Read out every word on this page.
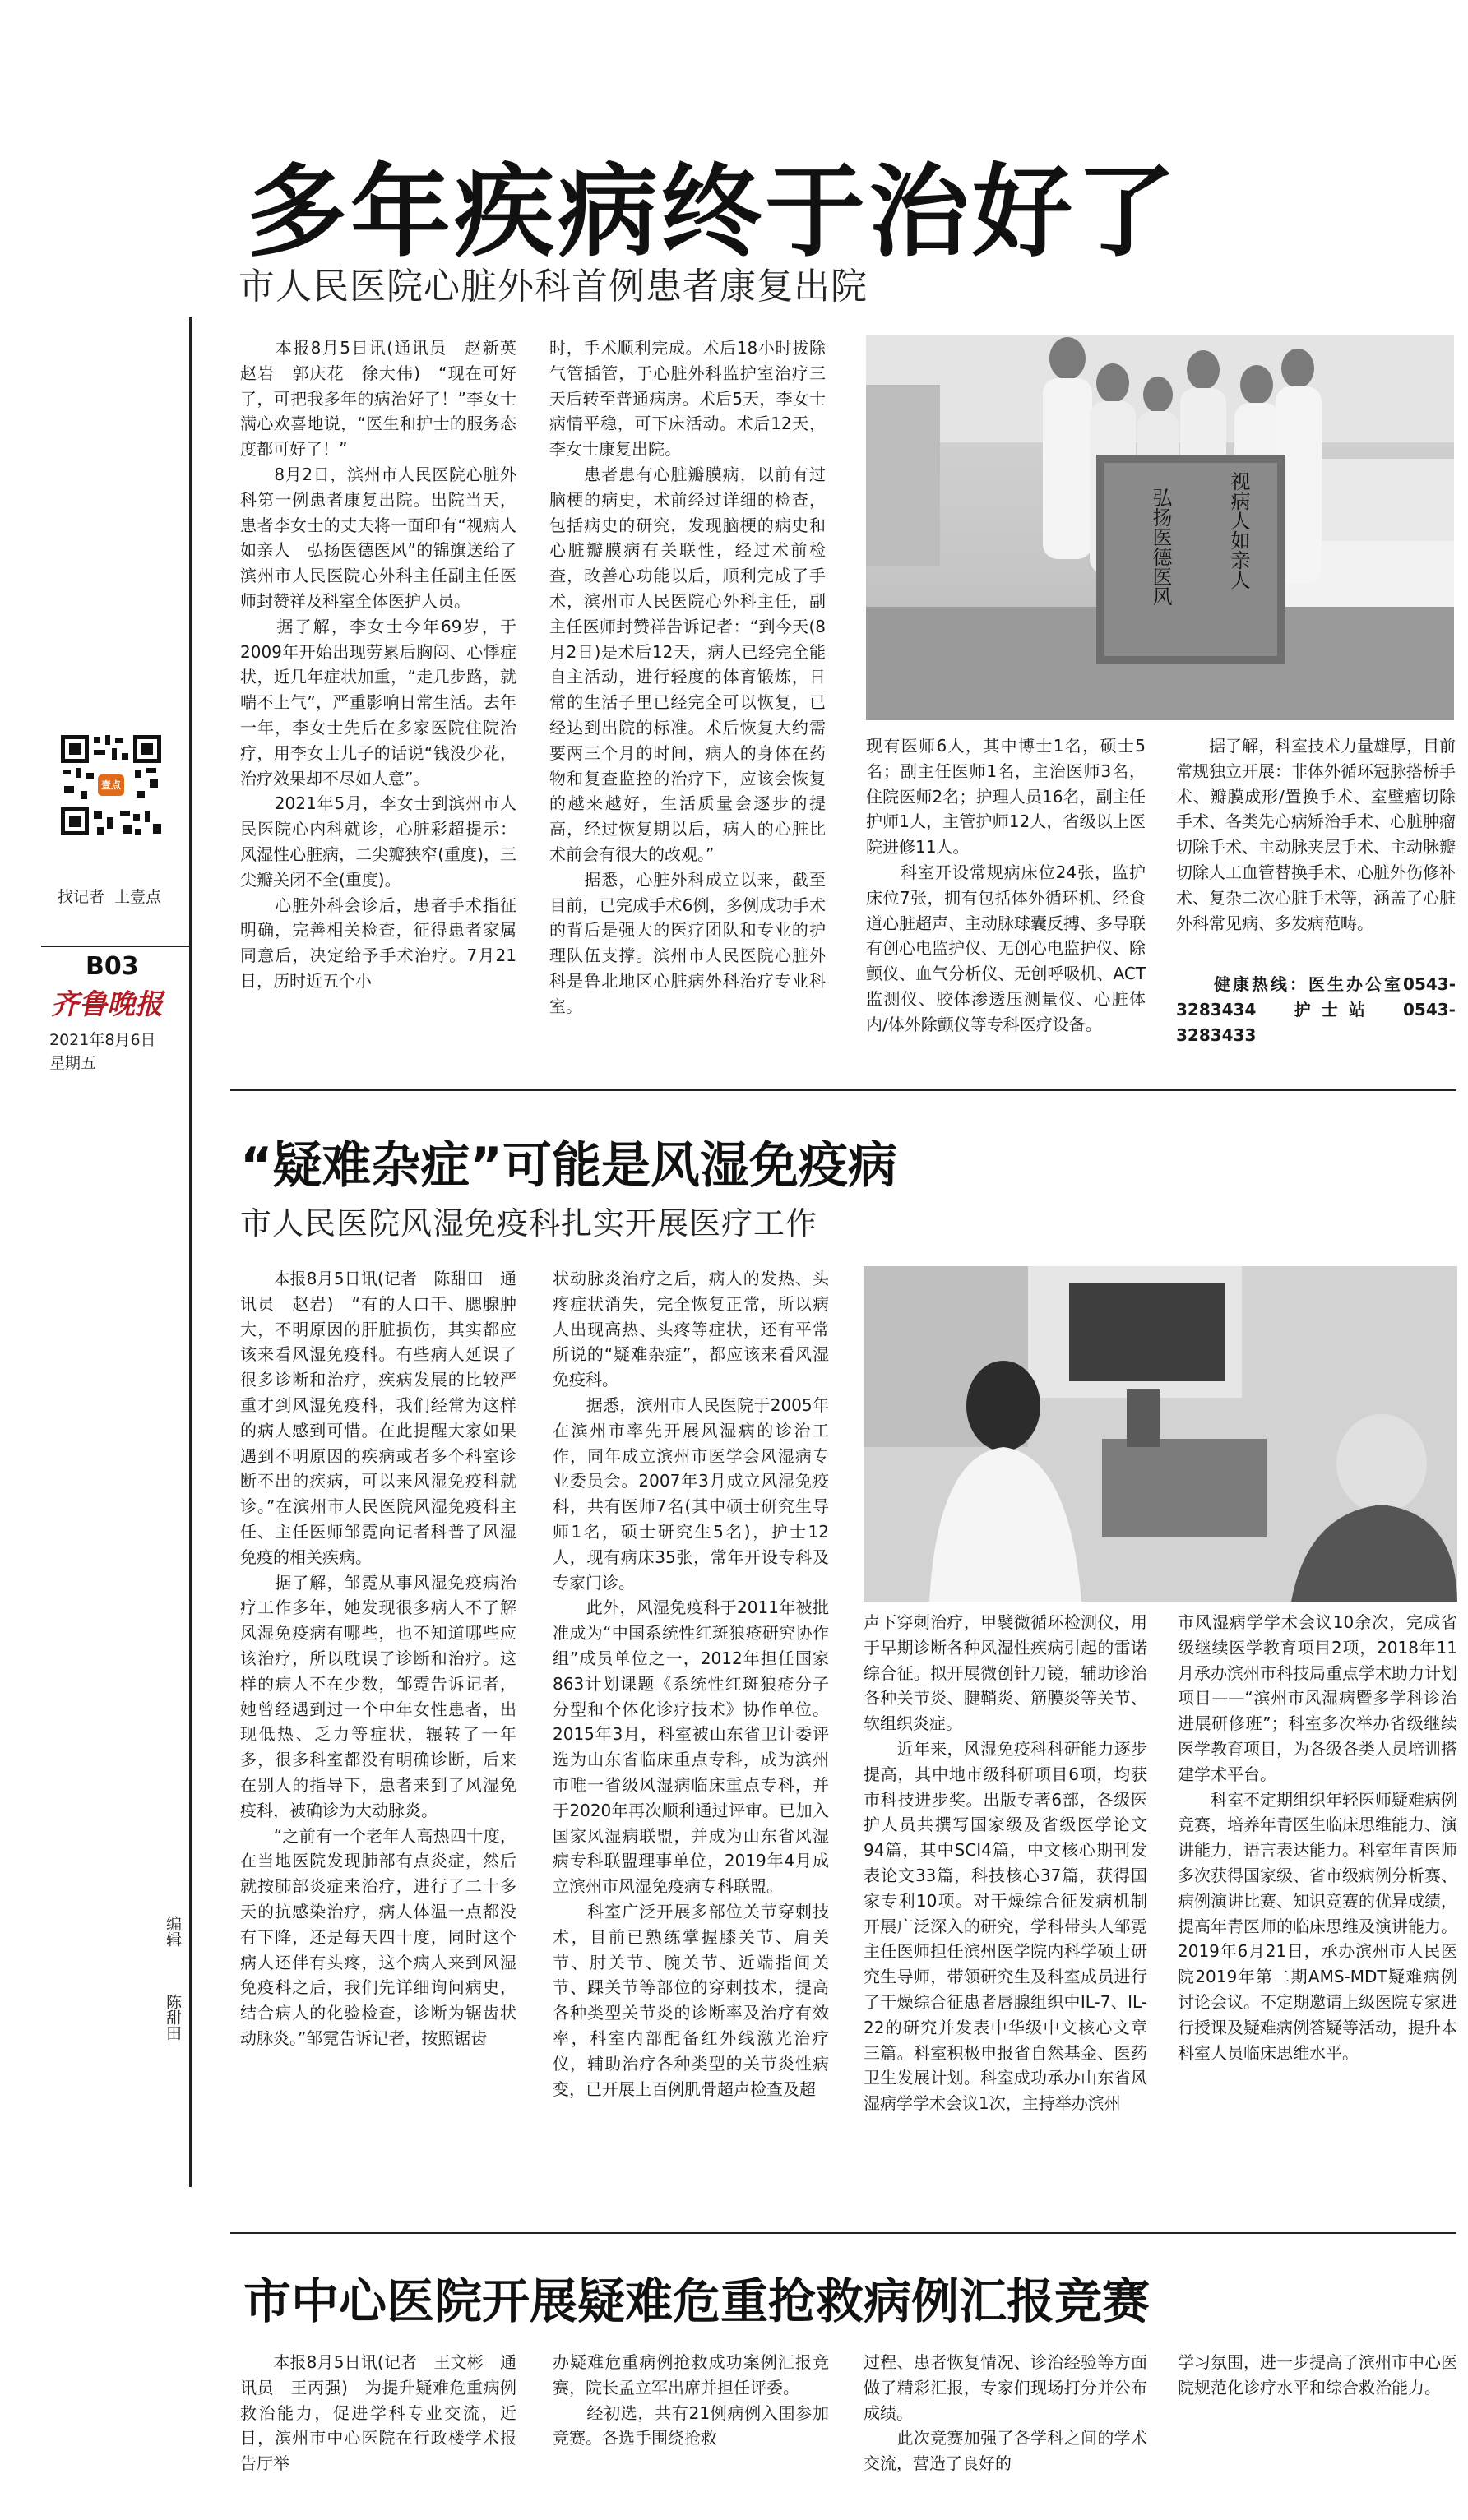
壹点
找记者  上壹点
B03
齐鲁晚报
2021年8月6日
星期五
编辑
陈甜田
多年疾病终于治好了
市人民医院心脏外科首例患者康复出院
　　本报8月5日讯(通讯员　赵新英　赵岩　郭庆花　徐大伟)　“现在可好了，可把我多年的病治好了！”李女士满心欢喜地说，“医生和护士的服务态度都可好了！”
　　8月2日，滨州市人民医院心脏外科第一例患者康复出院。出院当天，患者李女士的丈夫将一面印有“视病人如亲人　弘扬医德医风”的锦旗送给了滨州市人民医院心外科主任副主任医师封赞祥及科室全体医护人员。
　　据了解，李女士今年69岁，于2009年开始出现劳累后胸闷、心悸症状，近几年症状加重，“走几步路，就喘不上气”，严重影响日常生活。去年一年，李女士先后在多家医院住院治疗，用李女士儿子的话说“钱没少花，治疗效果却不尽如人意”。
　　2021年5月，李女士到滨州市人民医院心内科就诊，心脏彩超提示：风湿性心脏病，二尖瓣狭窄(重度)，三尖瓣关闭不全(重度)。
　　心脏外科会诊后，患者手术指征明确，完善相关检查，征得患者家属同意后，决定给予手术治疗。7月21日，历时近五个小
时，手术顺利完成。术后18小时拔除气管插管，于心脏外科监护室治疗三天后转至普通病房。术后5天，李女士病情平稳，可下床活动。术后12天，李女士康复出院。
　　患者患有心脏瓣膜病，以前有过脑梗的病史，术前经过详细的检查，包括病史的研究，发现脑梗的病史和心脏瓣膜病有关联性，经过术前检查，改善心功能以后，顺利完成了手术，滨州市人民医院心外科主任，副主任医师封赞祥告诉记者：“到今天(8月2日)是术后12天，病人已经完全能自主活动，进行轻度的体育锻炼，日常的生活子里已经完全可以恢复，已经达到出院的标准。术后恢复大约需要两三个月的时间，病人的身体在药物和复查监控的治疗下，应该会恢复的越来越好，生活质量会逐步的提高，经过恢复期以后，病人的心脏比术前会有很大的改观。”
　　据悉，心脏外科成立以来，截至目前，已完成手术6例，多例成功手术的背后是强大的医疗团队和专业的护理队伍支撑。滨州市人民医院心脏外科是鲁北地区心脏病外科治疗专业科室。
视病人如亲人
弘扬医德医风
现有医师6人，其中博士1名，硕士5名；副主任医师1名，主治医师3名，住院医师2名；护理人员16名，副主任护师1人，主管护师12人，省级以上医院进修11人。
　　科室开设常规病床位24张，监护床位7张，拥有包括体外循环机、经食道心脏超声、主动脉球囊反搏、多导联有创心电监护仪、无创心电监护仪、除颤仪、血气分析仪、无创呼吸机、ACT监测仪、胶体渗透压测量仪、心脏体内/体外除颤仪等专科医疗设备。
　　据了解，科室技术力量雄厚，目前常规独立开展：非体外循环冠脉搭桥手术、瓣膜成形/置换手术、室壁瘤切除手术、各类先心病矫治手术、心脏肿瘤切除手术、主动脉夹层手术、主动脉瓣切除人工血管替换手术、心脏外伤修补术、复杂二次心脏手术等，涵盖了心脏外科常见病、多发病范畴。
　　健康热线：医生办公室0543-3283434　护士站　0543-3283433
“疑难杂症”可能是风湿免疫病
市人民医院风湿免疫科扎实开展医疗工作
　　本报8月5日讯(记者　陈甜田　通讯员　赵岩)　“有的人口干、腮腺肿大，不明原因的肝脏损伤，其实都应该来看风湿免疫科。有些病人延误了很多诊断和治疗，疾病发展的比较严重才到风湿免疫科，我们经常为这样的病人感到可惜。在此提醒大家如果遇到不明原因的疾病或者多个科室诊断不出的疾病，可以来风湿免疫科就诊。”在滨州市人民医院风湿免疫科主任、主任医师邹霓向记者科普了风湿免疫的相关疾病。
　　据了解，邹霓从事风湿免疫病治疗工作多年，她发现很多病人不了解风湿免疫病有哪些，也不知道哪些应该治疗，所以耽误了诊断和治疗。这样的病人不在少数，邹霓告诉记者，她曾经遇到过一个中年女性患者，出现低热、乏力等症状，辗转了一年多，很多科室都没有明确诊断，后来在别人的指导下，患者来到了风湿免疫科，被确诊为大动脉炎。
　　“之前有一个老年人高热四十度，在当地医院发现肺部有点炎症，然后就按肺部炎症来治疗，进行了二十多天的抗感染治疗，病人体温一点都没有下降，还是每天四十度，同时这个病人还伴有头疼，这个病人来到风湿免疫科之后，我们先详细询问病史，结合病人的化验检查，诊断为锯齿状动脉炎。”邹霓告诉记者，按照锯齿
状动脉炎治疗之后，病人的发热、头疼症状消失，完全恢复正常，所以病人出现高热、头疼等症状，还有平常所说的“疑难杂症”，都应该来看风湿免疫科。
　　据悉，滨州市人民医院于2005年在滨州市率先开展风湿病的诊治工作，同年成立滨州市医学会风湿病专业委员会。2007年3月成立风湿免疫科，共有医师7名(其中硕士研究生导师1名，硕士研究生5名)，护士12人，现有病床35张，常年开设专科及专家门诊。
　　此外，风湿免疫科于2011年被批准成为“中国系统性红斑狼疮研究协作组”成员单位之一，2012年担任国家863计划课题《系统性红斑狼疮分子分型和个体化诊疗技术》协作单位。2015年3月，科室被山东省卫计委评选为山东省临床重点专科，成为滨州市唯一省级风湿病临床重点专科，并于2020年再次顺利通过评审。已加入国家风湿病联盟，并成为山东省风湿病专科联盟理事单位，2019年4月成立滨州市风湿免疫病专科联盟。
　　科室广泛开展多部位关节穿刺技术，目前已熟练掌握膝关节、肩关节、肘关节、腕关节、近端指间关节、踝关节等部位的穿刺技术，提高各种类型关节炎的诊断率及治疗有效率，科室内部配备红外线激光治疗仪，辅助治疗各种类型的关节炎性病变，已开展上百例肌骨超声检查及超
声下穿刺治疗，甲襞微循环检测仪，用于早期诊断各种风湿性疾病引起的雷诺综合征。拟开展微创针刀镜，辅助诊治各种关节炎、腱鞘炎、筋膜炎等关节、软组织炎症。
　　近年来，风湿免疫科科研能力逐步提高，其中地市级科研项目6项，均获市科技进步奖。出版专著6部，各级医护人员共撰写国家级及省级医学论文94篇，其中SCI4篇，中文核心期刊发表论文33篇，科技核心37篇，获得国家专利10项。对干燥综合征发病机制开展广泛深入的研究，学科带头人邹霓主任医师担任滨州医学院内科学硕士研究生导师，带领研究生及科室成员进行了干燥综合征患者唇腺组织中IL-7、IL-22的研究并发表中华级中文核心文章三篇。科室积极申报省自然基金、医药卫生发展计划。科室成功承办山东省风湿病学学术会议1次，主持举办滨州
市风湿病学学术会议10余次，完成省级继续医学教育项目2项，2018年11月承办滨州市科技局重点学术助力计划项目——“滨州市风湿病暨多学科诊治进展研修班”；科室多次举办省级继续医学教育项目，为各级各类人员培训搭建学术平台。
　　科室不定期组织年轻医师疑难病例竞赛，培养年青医生临床思维能力、演讲能力，语言表达能力。科室年青医师多次获得国家级、省市级病例分析赛、病例演讲比赛、知识竞赛的优异成绩，提高年青医师的临床思维及演讲能力。2019年6月21日，承办滨州市人民医院2019年第二期AMS-MDT疑难病例讨论会议。不定期邀请上级医院专家进行授课及疑难病例答疑等活动，提升本科室人员临床思维水平。
市中心医院开展疑难危重抢救病例汇报竞赛
　　本报8月5日讯(记者　王文彬　通讯员　王丙强)　为提升疑难危重病例救治能力，促进学科专业交流，近日，滨州市中心医院在行政楼学术报告厅举
办疑难危重病例抢救成功案例汇报竞赛，院长孟立军出席并担任评委。
　　经初选，共有21例病例入围参加竞赛。各选手围绕抢救
过程、患者恢复情况、诊治经验等方面做了精彩汇报，专家们现场打分并公布成绩。
　　此次竞赛加强了各学科之间的学术交流，营造了良好的
学习氛围，进一步提高了滨州市中心医院规范化诊疗水平和综合救治能力。
